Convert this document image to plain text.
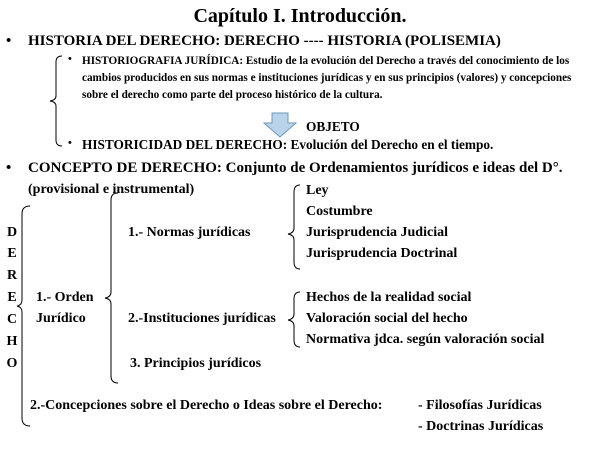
Capítulo I. Introducción.
• HISTORIA DEL DERECHO: DERECHO ---- HISTORIA (POLISEMIA)
• HISTORIOGRAFIA JURÍDICA: Estudio de la evolución del Derecho a través del conocimiento de los cambios producidos en sus normas e instituciones jurídicas y en sus principios (valores) y concepciones sobre el derecho como parte del proceso histórico de la cultura.
OBJETO
• HISTORICIDAD DEL DERECHO: Evolución del Derecho en el tiempo.
• CONCEPTO DE DERECHO: Conjunto de Ordenamientos jurídicos e ideas del D°.
(provisional e instrumental)
D
E
R
E
C
H
O
1.- Orden
Jurídico
1.- Normas jurídicas
Ley
Costumbre
Jurisprudencia Judicial
Jurisprudencia Doctrinal
2.-Instituciones jurídicas
Hechos de la realidad social
Valoración social del hecho
Normativa jdca. según valoración social
3. Principios jurídicos
2.-Concepciones sobre el Derecho o Ideas sobre el Derecho:	- Filosofías Jurídicas
- Doctrinas Jurídicas
